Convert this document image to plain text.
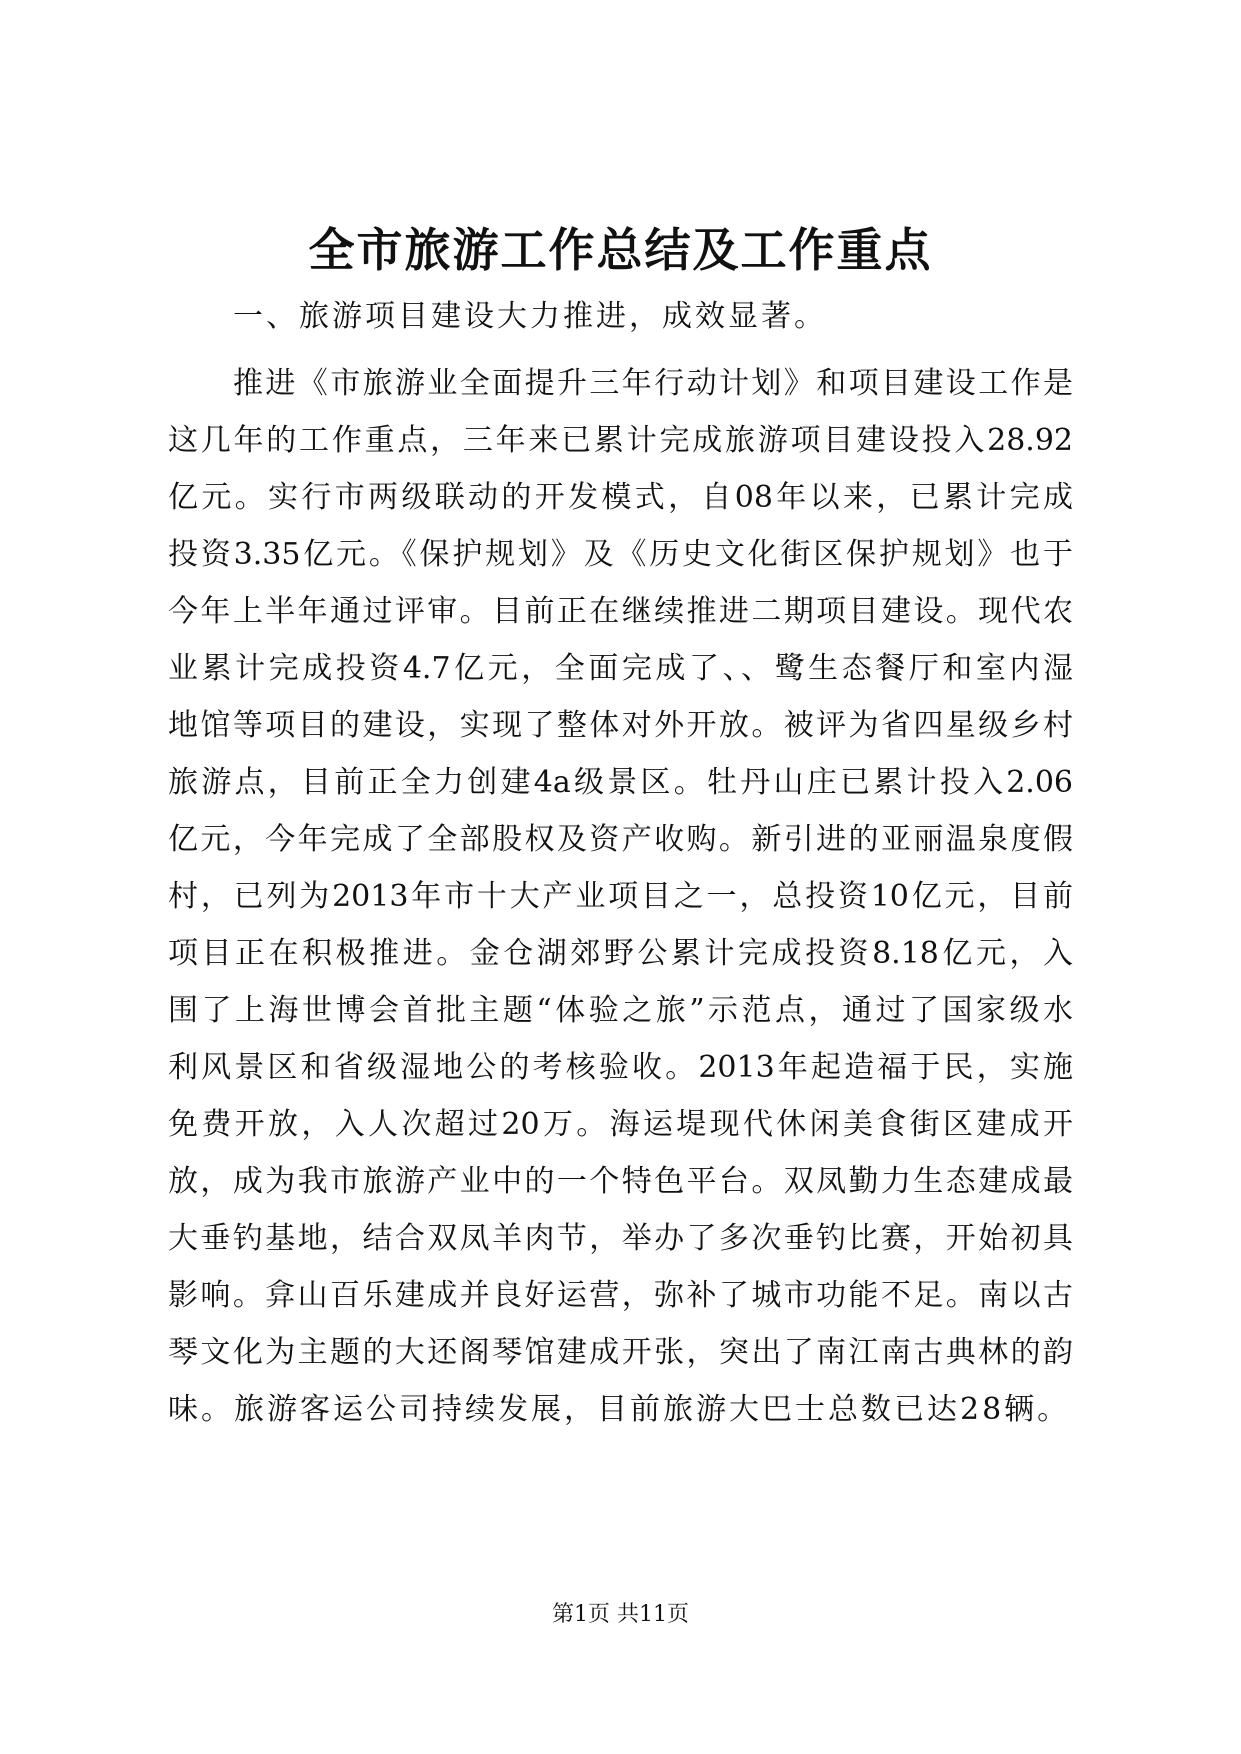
全市旅游工作总结及工作重点
一、旅游项目建设大力推进，成效显著。
推进《市旅游业全面提升三年行动计划》和项目建设工作是
这几年的工作重点，三年来已累计完成旅游项目建设投入28.92
亿元。实行市两级联动的开发模式，自08年以来，已累计完成
投资3.35亿元。《保护规划》及《历史文化街区保护规划》也于
今年上半年通过评审。目前正在继续推进二期项目建设。现代农
业累计完成投资4.7亿元，全面完成了、、鹭生态餐厅和室内湿
地馆等项目的建设，实现了整体对外开放。被评为省四星级乡村
旅游点，目前正全力创建4a级景区。牡丹山庄已累计投入2.06
亿元，今年完成了全部股权及资产收购。新引进的亚丽温泉度假
村，已列为2013年市十大产业项目之一，总投资10亿元，目前
项目正在积极推进。金仓湖郊野公累计完成投资8.18亿元，入
围了上海世博会首批主题“体验之旅”示范点，通过了国家级水
利风景区和省级湿地公的考核验收。2013年起造福于民，实施
免费开放，入人次超过20万。海运堤现代休闲美食街区建成开
放，成为我市旅游产业中的一个特色平台。双凤勤力生态建成最
大垂钓基地，结合双凤羊肉节，举办了多次垂钓比赛，开始初具
影响。弇山百乐建成并良好运营，弥补了城市功能不足。南以古
琴文化为主题的大还阁琴馆建成开张，突出了南江南古典林的韵
味。旅游客运公司持续发展，目前旅游大巴士总数已达28辆。
第1页 共11页
